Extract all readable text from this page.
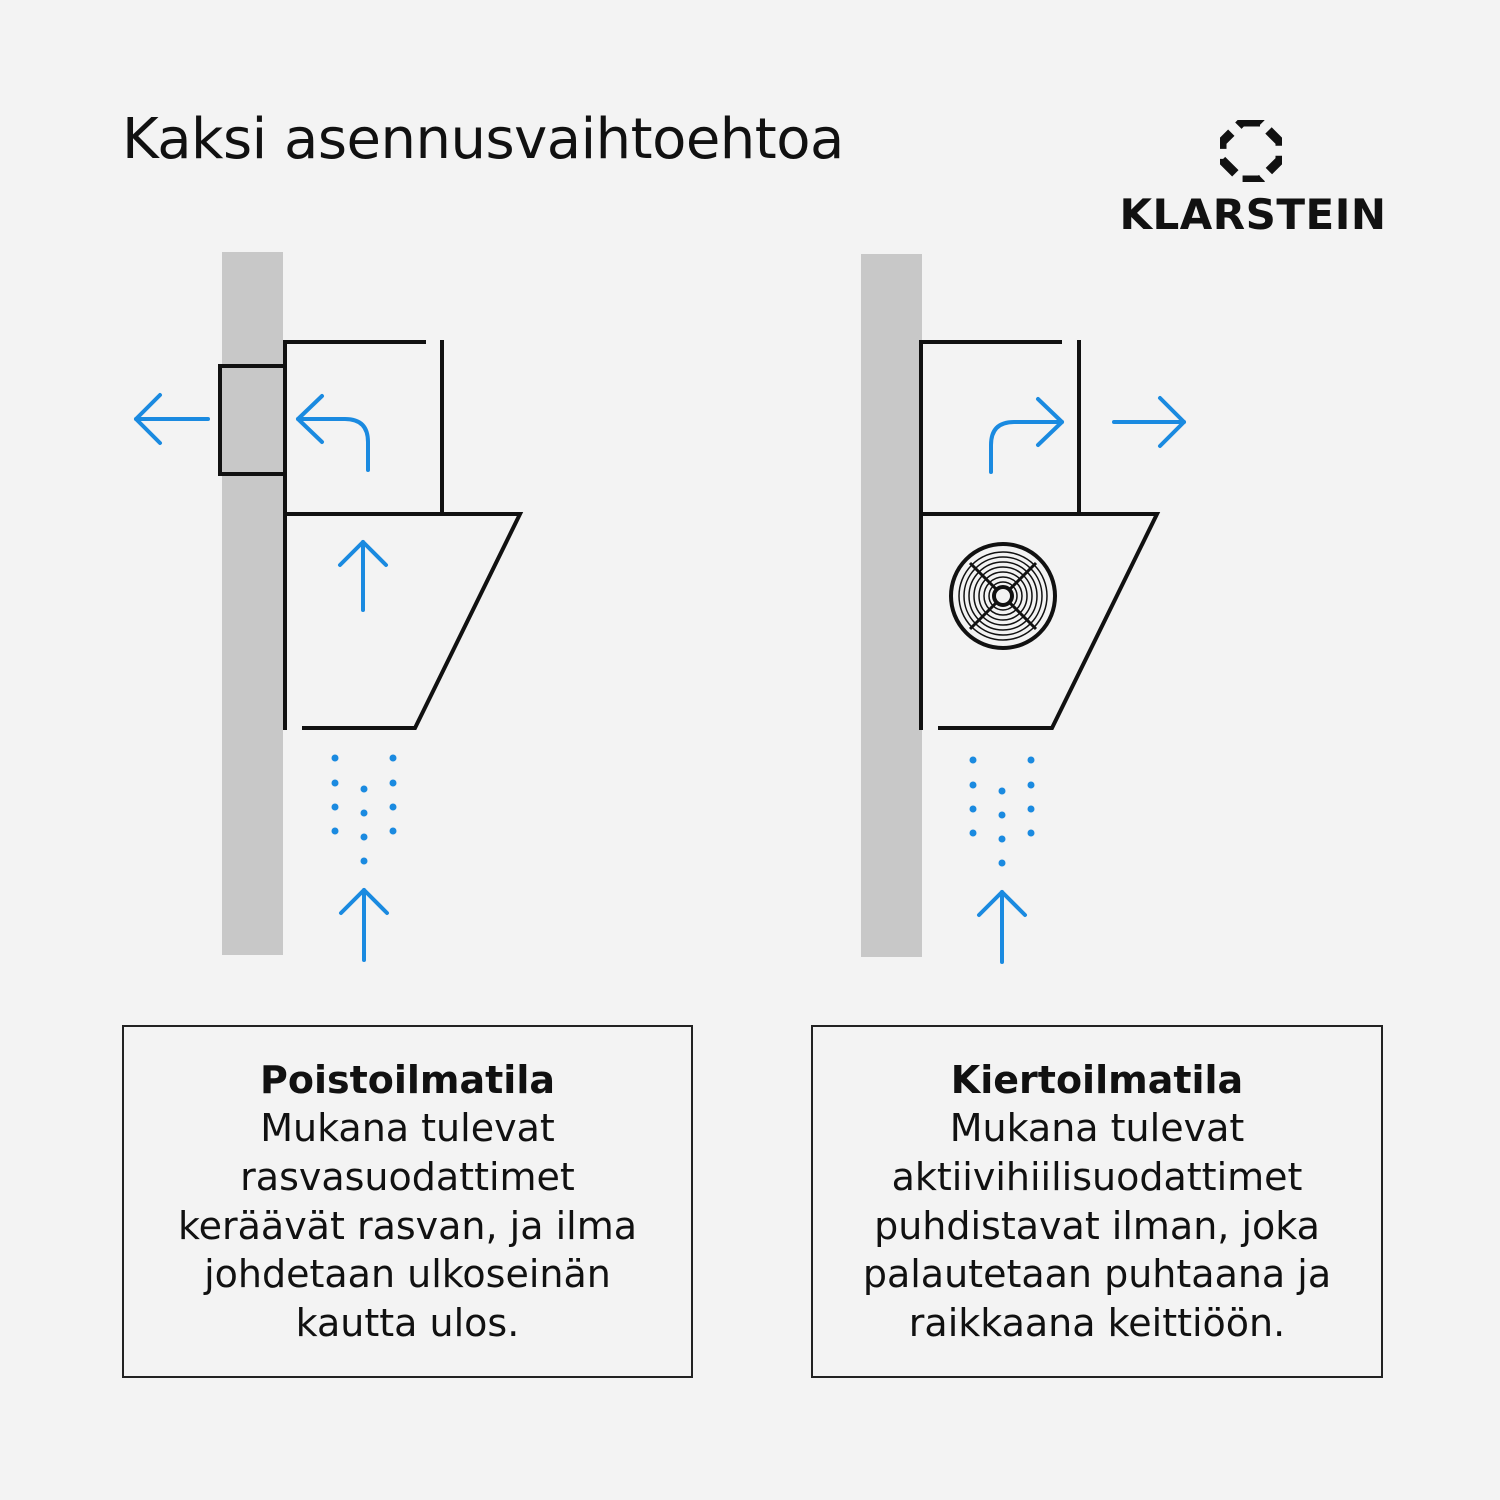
Kaksi asennusvaihtoehtoa
KLARSTEIN
Poistoilmatila
Mukana tulevat
rasvasuodattimet
keräävät rasvan, ja ilma
johdetaan ulkoseinän
kautta ulos.
Kiertoilmatila
Mukana tulevat
aktiivihiilisuodattimet
puhdistavat ilman, joka
palautetaan puhtaana ja
raikkaana keittiöön.
